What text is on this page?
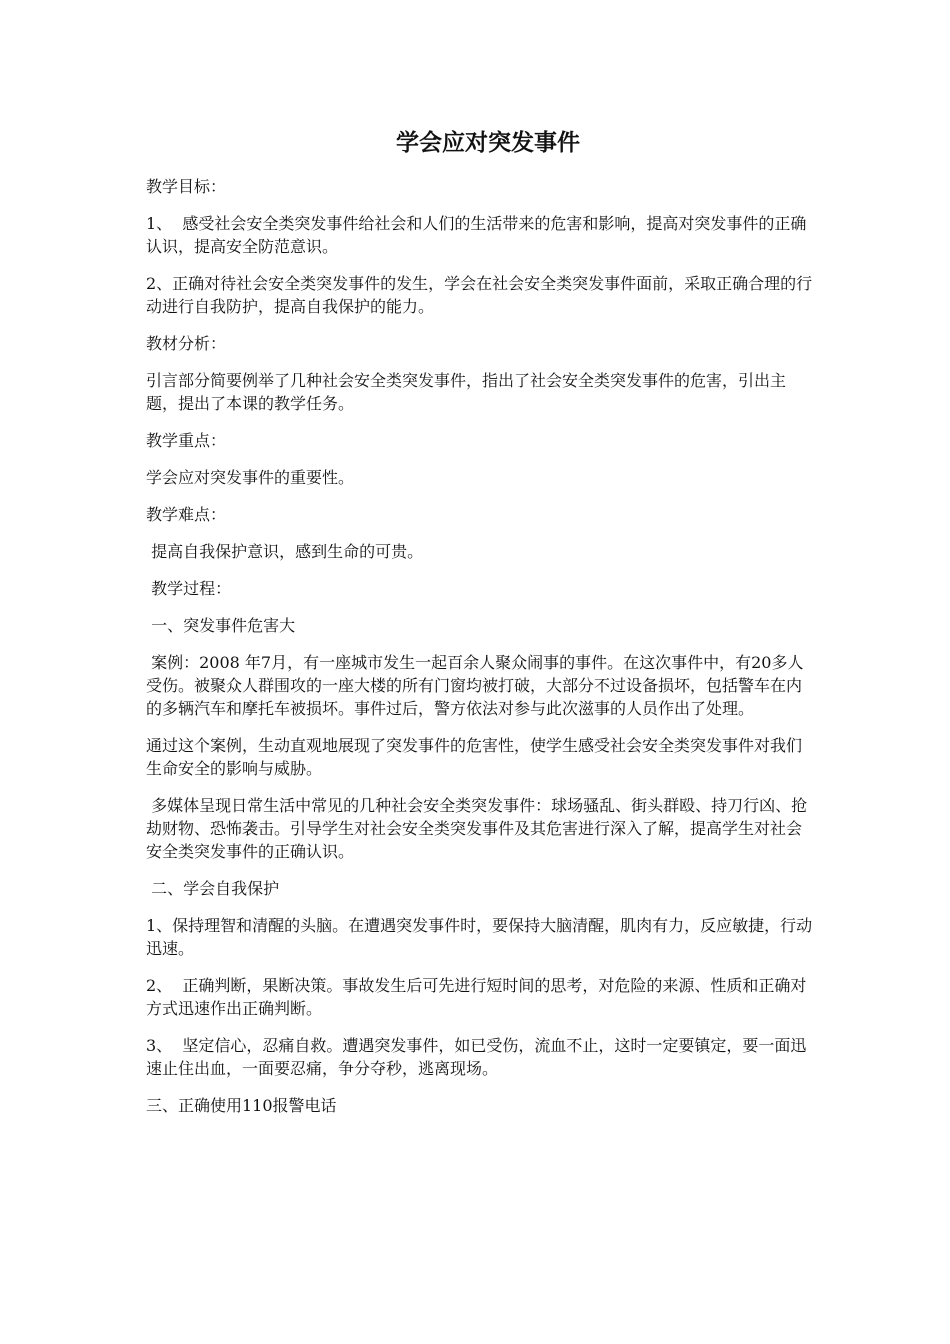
学会应对突发事件

教学目标：

1、  感受社会安全类突发事件给社会和人们的生活带来的危害和影响，提高对突发事件的正确认识，提高安全防范意识。

2、正确对待社会安全类突发事件的发生，学会在社会安全类突发事件面前，采取正确合理的行动进行自我防护，提高自我保护的能力。

教材分析：

引言部分简要例举了几种社会安全类突发事件，指出了社会安全类突发事件的危害，引出主题，提出了本课的教学任务。

教学重点：

学会应对突发事件的重要性。

教学难点：

提高自我保护意识，感到生命的可贵。

教学过程：

一、突发事件危害大

案例：2008 年7月，有一座城市发生一起百余人聚众闹事的事件。在这次事件中，有20多人受伤。被聚众人群围攻的一座大楼的所有门窗均被打破，大部分不过设备损坏，包括警车在内的多辆汽车和摩托车被损坏。事件过后，警方依法对参与此次滋事的人员作出了处理。

通过这个案例，生动直观地展现了突发事件的危害性，使学生感受社会安全类突发事件对我们生命安全的影响与威胁。

多媒体呈现日常生活中常见的几种社会安全类突发事件：球场骚乱、街头群殴、持刀行凶、抢劫财物、恐怖袭击。引导学生对社会安全类突发事件及其危害进行深入了解，提高学生对社会安全类突发事件的正确认识。

二、学会自我保护

1、保持理智和清醒的头脑。在遭遇突发事件时，要保持大脑清醒，肌肉有力，反应敏捷，行动迅速。

2、  正确判断，果断决策。事故发生后可先进行短时间的思考，对危险的来源、性质和正确对方式迅速作出正确判断。

3、  坚定信心，忍痛自救。遭遇突发事件，如已受伤，流血不止，这时一定要镇定，要一面迅速止住出血，一面要忍痛，争分夺秒，逃离现场。

三、正确使用110报警电话
